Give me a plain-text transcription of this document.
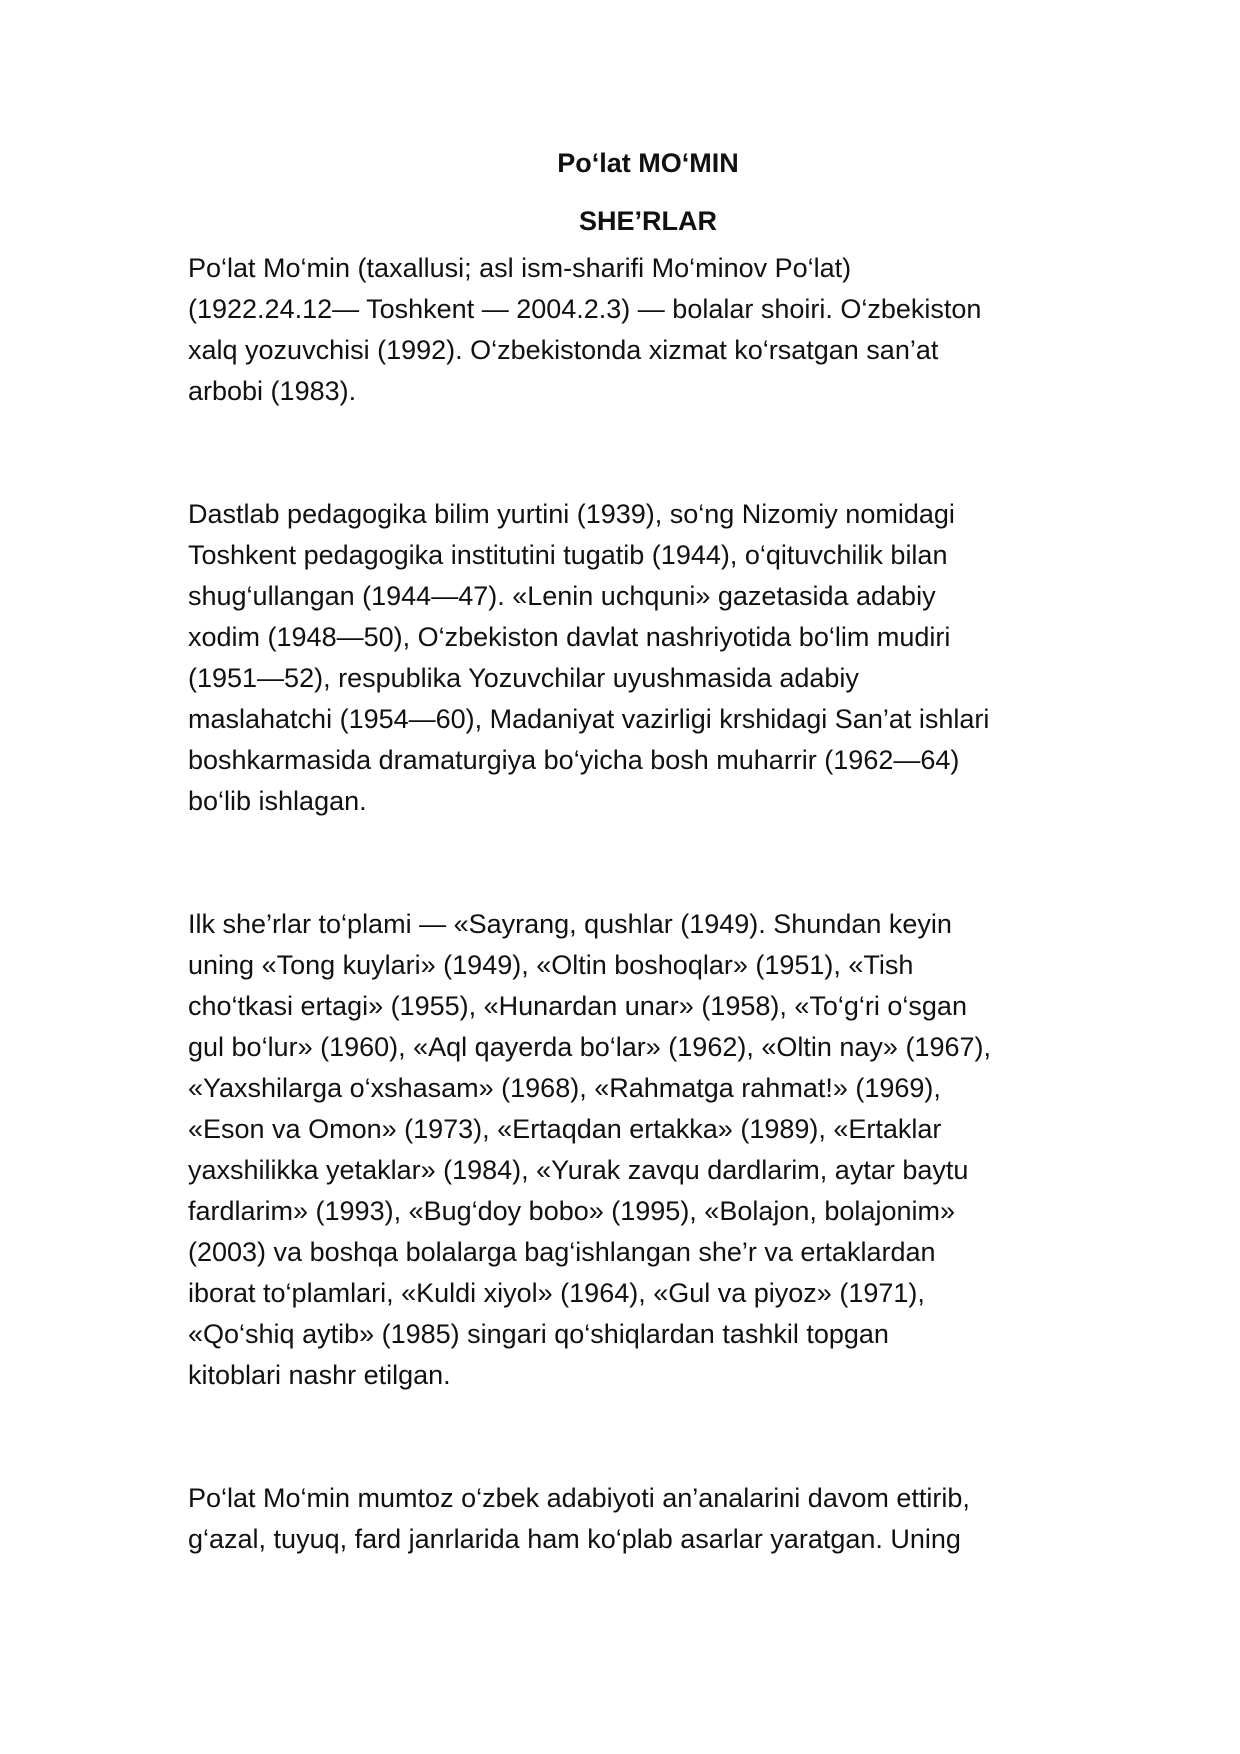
Po‘lat MO‘MIN
SHE’RLAR

Po‘lat Mo‘min (taxallusi; asl ism-sharifi Mo‘minov Po‘lat)
(1922.24.12— Toshkent — 2004.2.3) — bolalar shoiri. O‘zbekiston
xalq yozuvchisi (1992). O‘zbekistonda xizmat ko‘rsatgan san’at
arbobi (1983).

Dastlab pedagogika bilim yurtini (1939), so‘ng Nizomiy nomidagi
Toshkent pedagogika institutini tugatib (1944), o‘qituvchilik bilan
shug‘ullangan (1944—47). «Lenin uchquni» gazetasida adabiy
xodim (1948—50), O‘zbekiston davlat nashriyotida bo‘lim mudiri
(1951—52), respublika Yozuvchilar uyushmasida adabiy
maslahatchi (1954—60), Madaniyat vazirligi krshidagi San’at ishlari
boshkarmasida dramaturgiya bo‘yicha bosh muharrir (1962—64)
bo‘lib ishlagan.

Ilk she’rlar to‘plami — «Sayrang, qushlar (1949). Shundan keyin
uning «Tong kuylari» (1949), «Oltin boshoqlar» (1951), «Tish
cho‘tkasi ertagi» (1955), «Hunardan unar» (1958), «To‘g‘ri o‘sgan
gul bo‘lur» (1960), «Aql qayerda bo‘lar» (1962), «Oltin nay» (1967),
«Yaxshilarga o‘xshasam» (1968), «Rahmatga rahmat!» (1969),
«Eson va Omon» (1973), «Ertaqdan ertakka» (1989), «Ertaklar
yaxshilikka yetaklar» (1984), «Yurak zavqu dardlarim, aytar baytu
fardlarim» (1993), «Bug‘doy bobo» (1995), «Bolajon, bolajonim»
(2003) va boshqa bolalarga bag‘ishlangan she’r va ertaklardan
iborat to‘plamlari, «Kuldi xiyol» (1964), «Gul va piyoz» (1971),
«Qo‘shiq aytib» (1985) singari qo‘shiqlardan tashkil topgan
kitoblari nashr etilgan.

Po‘lat Mo‘min mumtoz o‘zbek adabiyoti an’analarini davom ettirib,
g‘azal, tuyuq, fard janrlarida ham ko‘plab asarlar yaratgan. Uning
